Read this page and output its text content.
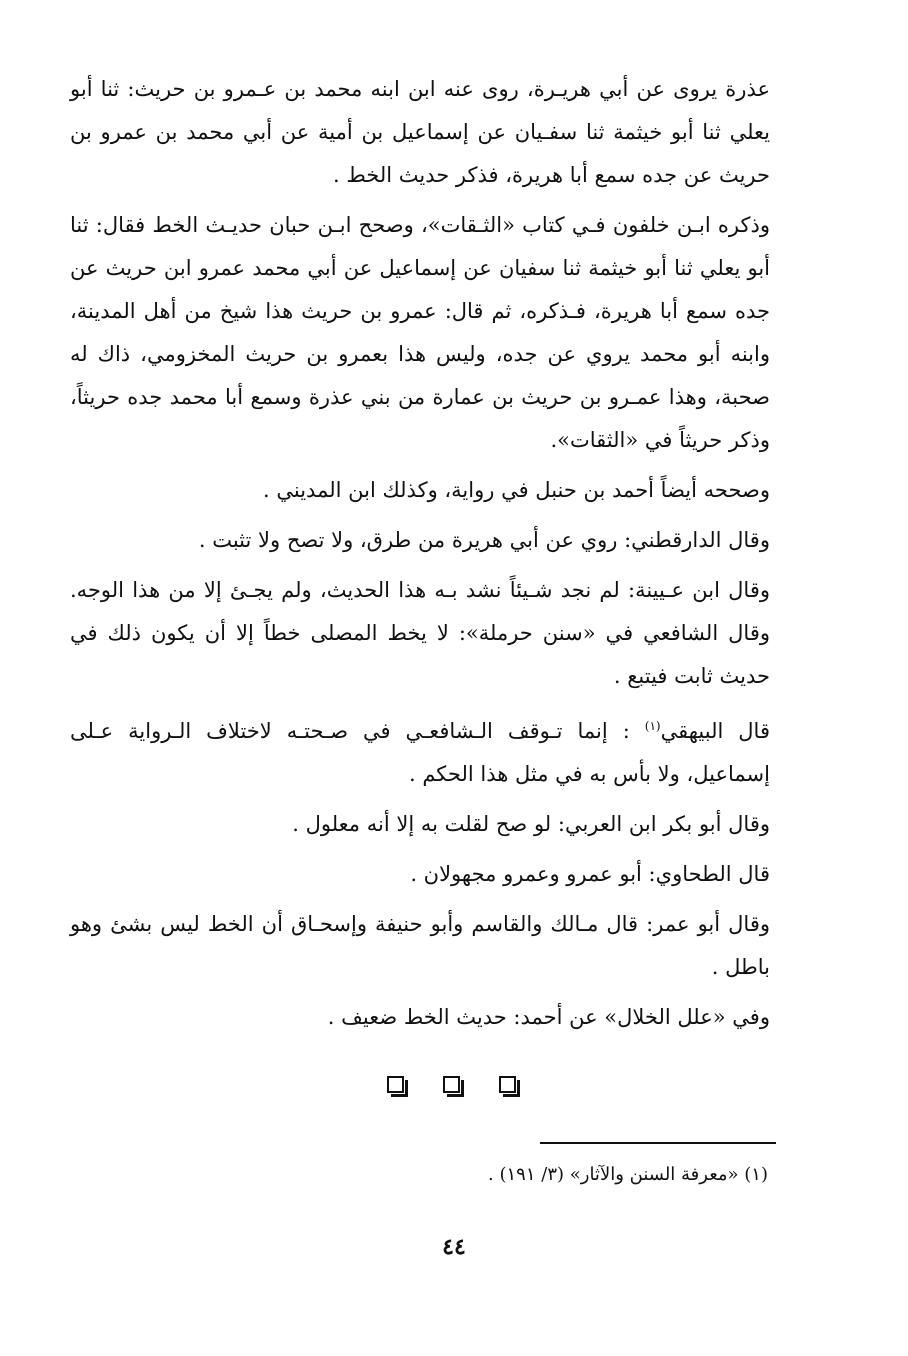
عذرة يروى عن أبي هريـرة، روى عنه ابن ابنه محمد بن عـمرو بن حريث: ثنا أبو يعلي ثنا أبو خيثمة ثنا سفـيان عن إسماعيل بن أمية عن أبي محمد بن عمرو بن حريث عن جده سمع أبا هريرة، فذكر حديث الخط .

وذكره ابـن خلفون فـي كتاب «الثـقات»، وصحح ابـن حبان حديـث الخط فقال: ثنا أبو يعلي ثنا أبو خيثمة ثنا سفيان عن إسماعيل عن أبي محمد عمرو ابن حريث عن جده سمع أبا هريرة، فـذكره، ثم قال: عمرو بن حريث هذا شيخ من أهل المدينة، وابنه أبو محمد يروي عن جده، وليس هذا بعمرو بن حريث المخزومي، ذاك له صحبة، وهذا عمـرو بن حريث بن عمارة من بني عذرة وسمع أبا محمد جده حريثاً، وذكر حريثاً في «الثقات».

وصححه أيضاً أحمد بن حنبل في رواية، وكذلك ابن المديني .

وقال الدارقطني: روي عن أبي هريرة من طرق، ولا تصح ولا تثبت .

وقال ابن عـيينة: لم نجد شـيئاً نشد بـه هذا الحديث، ولم يجـئ إلا من هذا الوجه. وقال الشافعي في «سنن حرملة»: لا يخط المصلى خطاً إلا أن يكون ذلك في حديث ثابت فيتبع .

قال البيهقي$^{(١)}$ : إنما تـوقف الـشافعـي في صـحتـه لاختلاف الـرواية عـلى إسماعيل، ولا بأس به في مثل هذا الحكم .

وقال أبو بكر ابن العربي: لو صح لقلت به إلا أنه معلول .

قال الطحاوي: أبو عمرو وعمرو مجهولان .

وقال أبو عمر: قال مـالك والقاسم وأبو حنيفة وإسحـاق أن الخط ليس بشئ وهو باطل .

وفي «علل الخلال» عن أحمد: حديث الخط ضعيف .

(١) «معرفة السنن والآثار» (٣/ ١٩١) .
٤٤
